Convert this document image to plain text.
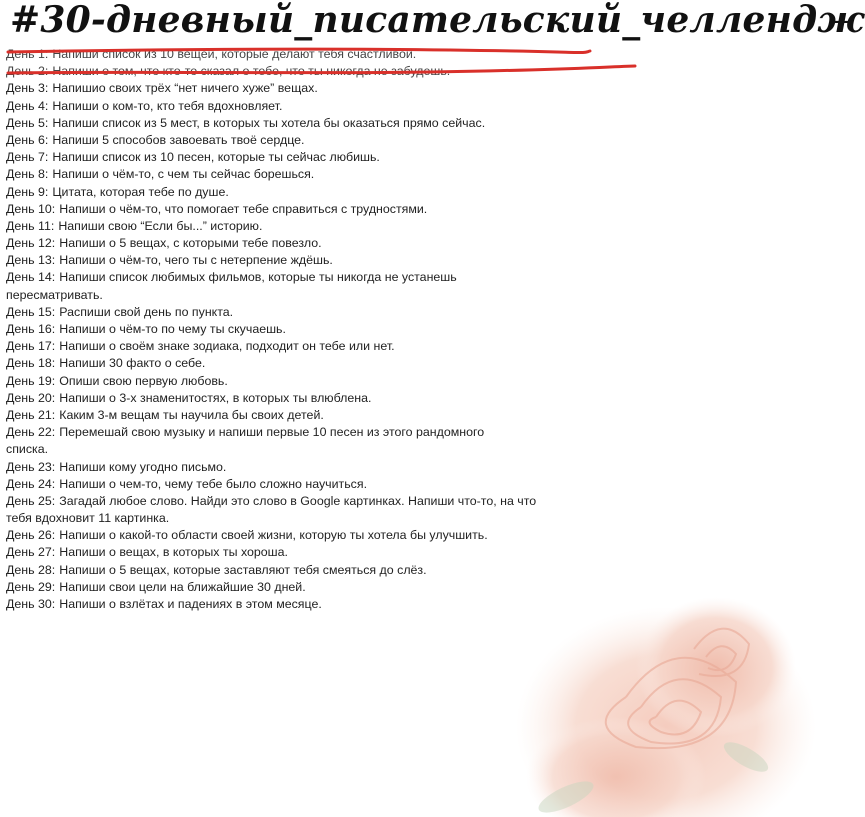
#30-дневный_писательский_челлендж
День 1: Напиши список из 10 вещей, которые делают тебя счастливой.
День 2: Напиши о том, что кто-то сказал о тебе, что ты никогда не забудешь.
День 3: Напишио своих трёх “нет ничего хуже” вещах.
День 4: Напиши о ком-то, кто тебя вдохновляет.
День 5: Напиши список из 5 мест, в которых ты хотела бы оказаться прямо сейчас.
День 6: Напиши 5 способов завоевать твоё сердце.
День 7: Напиши список из 10 песен, которые ты сейчас любишь.
День 8: Напиши о чём-то, с чем ты сейчас борешься.
День 9: Цитата, которая тебе по душе.
День 10: Напиши о чём-то, что помогает тебе справиться с трудностями.
День 11: Напиши свою “Если бы...” историю.
День 12: Напиши о 5 вещах, с которыми тебе повезло.
День 13: Напиши о чём-то, чего ты с нетерпение ждёшь.
День 14: Напиши список любимых фильмов, которые ты никогда не устанешь
пересматривать.
День 15: Распиши свой день по пункта.
День 16: Напиши о чём-то по чему ты скучаешь.
День 17: Напиши о своём знаке зодиака, подходит он тебе или нет.
День 18: Напиши 30 факто о себе.
День 19: Опиши свою первую любовь.
День 20: Напиши о 3-х знаменитостях, в которых ты влюблена.
День 21: Каким 3-м вещам ты научила бы своих детей.
День 22: Перемешай свою музыку и напиши первые 10 песен из этого рандомного
списка.
День 23: Напиши кому угодно письмо.
День 24: Напиши о чем-то, чему тебе было сложно научиться.
День 25: Загадай любое слово. Найди это слово в Google картинках. Напиши что-то, на что
тебя вдохновит 11 картинка.
День 26: Напиши о какой-то области своей жизни, которую ты хотела бы улучшить.
День 27: Напиши о вещах, в которых ты хороша.
День 28: Напиши о 5 вещах, которые заставляют тебя смеяться до слёз.
День 29: Напиши свои цели на ближайшие 30 дней.
День 30: Напиши о взлётах и падениях в этом месяце.
